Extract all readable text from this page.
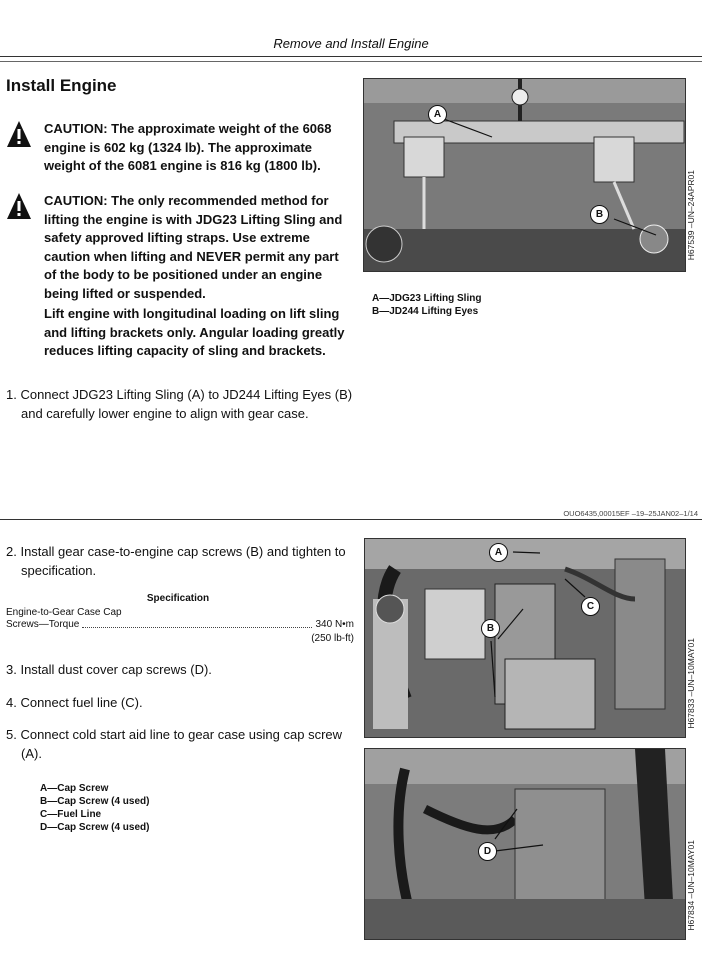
Remove and Install Engine
Install Engine
CAUTION: The approximate weight of the 6068 engine is 602 kg (1324 lb). The approximate weight of the 6081 engine is 816 kg (1800 lb).
CAUTION: The only recommended method for lifting the engine is with JDG23 Lifting Sling and safety approved lifting straps. Use extreme caution when lifting and NEVER permit any part of the body to be positioned under an engine being lifted or suspended.
Lift engine with longitudinal loading on lift sling and lifting brackets only. Angular loading greatly reduces lifting capacity of sling and brackets.
1. Connect JDG23 Lifting Sling (A) to JD244 Lifting Eyes (B) and carefully lower engine to align with gear case.
A
B	H67539 –UN–24APR01
A—JDG23 Lifting Sling
B—JD244 Lifting Eyes
OUO6435,00015EF –19–25JAN02–1/14
2. Install gear case-to-engine cap screws (B) and tighten to specification.
Specification
Engine-to-Gear Case Cap
Screws—Torque	340 N•m
(250 lb-ft)
3. Install dust cover cap screws (D).
4. Connect fuel line (C).
5. Connect cold start aid line to gear case using cap screw (A).
A—Cap Screw
B—Cap Screw (4 used)
C—Fuel Line
D—Cap Screw (4 used)
A
B
C
H67833 –UN–10MAY01
D	H67834 –UN–10MAY01
